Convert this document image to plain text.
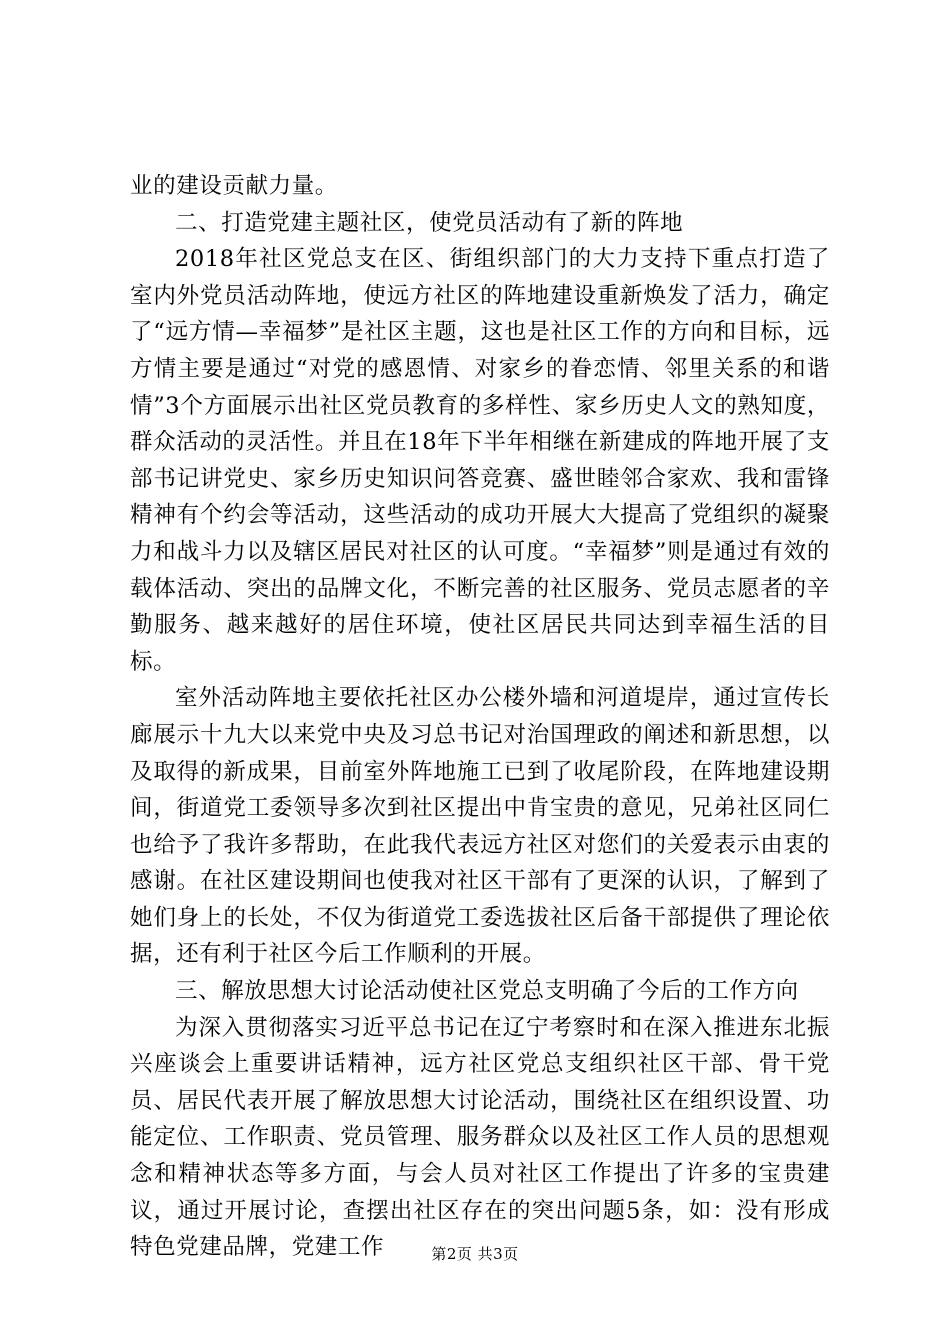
业的建设贡献力量。

二、打造党建主题社区，使党员活动有了新的阵地

2018年社区党总支在区、街组织部门的大力支持下重点打造了室内外党员活动阵地，使远方社区的阵地建设重新焕发了活力，确定了“远方情—幸福梦”是社区主题，这也是社区工作的方向和目标，远方情主要是通过“对党的感恩情、对家乡的眷恋情、邻里关系的和谐情”3个方面展示出社区党员教育的多样性、家乡历史人文的熟知度，群众活动的灵活性。并且在18年下半年相继在新建成的阵地开展了支部书记讲党史、家乡历史知识问答竞赛、盛世睦邻合家欢、我和雷锋精神有个约会等活动，这些活动的成功开展大大提高了党组织的凝聚力和战斗力以及辖区居民对社区的认可度。“幸福梦”则是通过有效的载体活动、突出的品牌文化，不断完善的社区服务、党员志愿者的辛勤服务、越来越好的居住环境，使社区居民共同达到幸福生活的目标。

室外活动阵地主要依托社区办公楼外墙和河道堤岸，通过宣传长廊展示十九大以来党中央及习总书记对治国理政的阐述和新思想，以及取得的新成果，目前室外阵地施工已到了收尾阶段，在阵地建设期间，街道党工委领导多次到社区提出中肯宝贵的意见，兄弟社区同仁也给予了我许多帮助，在此我代表远方社区对您们的关爱表示由衷的感谢。在社区建设期间也使我对社区干部有了更深的认识，了解到了她们身上的长处，不仅为街道党工委选拔社区后备干部提供了理论依据，还有利于社区今后工作顺利的开展。

三、解放思想大讨论活动使社区党总支明确了今后的工作方向

为深入贯彻落实习近平总书记在辽宁考察时和在深入推进东北振兴座谈会上重要讲话精神，远方社区党总支组织社区干部、骨干党员、居民代表开展了解放思想大讨论活动，围绕社区在组织设置、功能定位、工作职责、党员管理、服务群众以及社区工作人员的思想观念和精神状态等多方面，与会人员对社区工作提出了许多的宝贵建议，通过开展讨论，查摆出社区存在的突出问题5条，如：没有形成特色党建品牌，党建工作	第2页 共3页
